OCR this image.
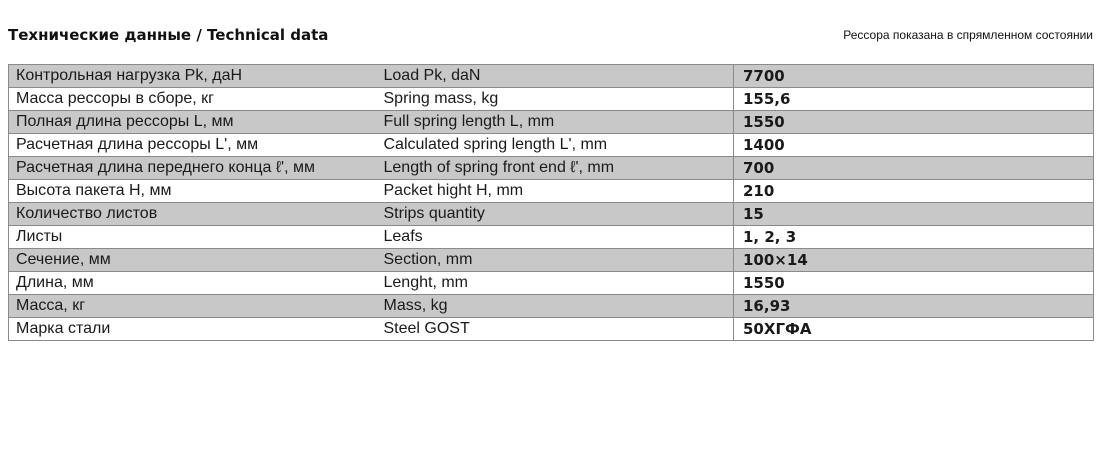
Технические данные / Technical data	Рессора показана в спрямленном состоянии
Контрольная нагрузка Pk, даН	Load Pk, daN	7700
Масса рессоры в сборе, кг	Spring mass, kg	155,6
Полная длина рессоры L, мм	Full spring length L, mm	1550
Расчетная длина рессоры L', мм	Calculated spring length L', mm	1400
Расчетная длина переднего конца ℓ', мм	Length of spring front end ℓ', mm	700
Высота пакета H, мм	Packet hight H, mm	210
Количество листов	Strips quantity	15
Листы	Leafs	1, 2, 3
Сечение, мм	Section, mm	100×14
Длина, мм	Lenght, mm	1550
Масса, кг	Mass, kg	16,93
Марка стали	Steel GOST	50ХГФА
